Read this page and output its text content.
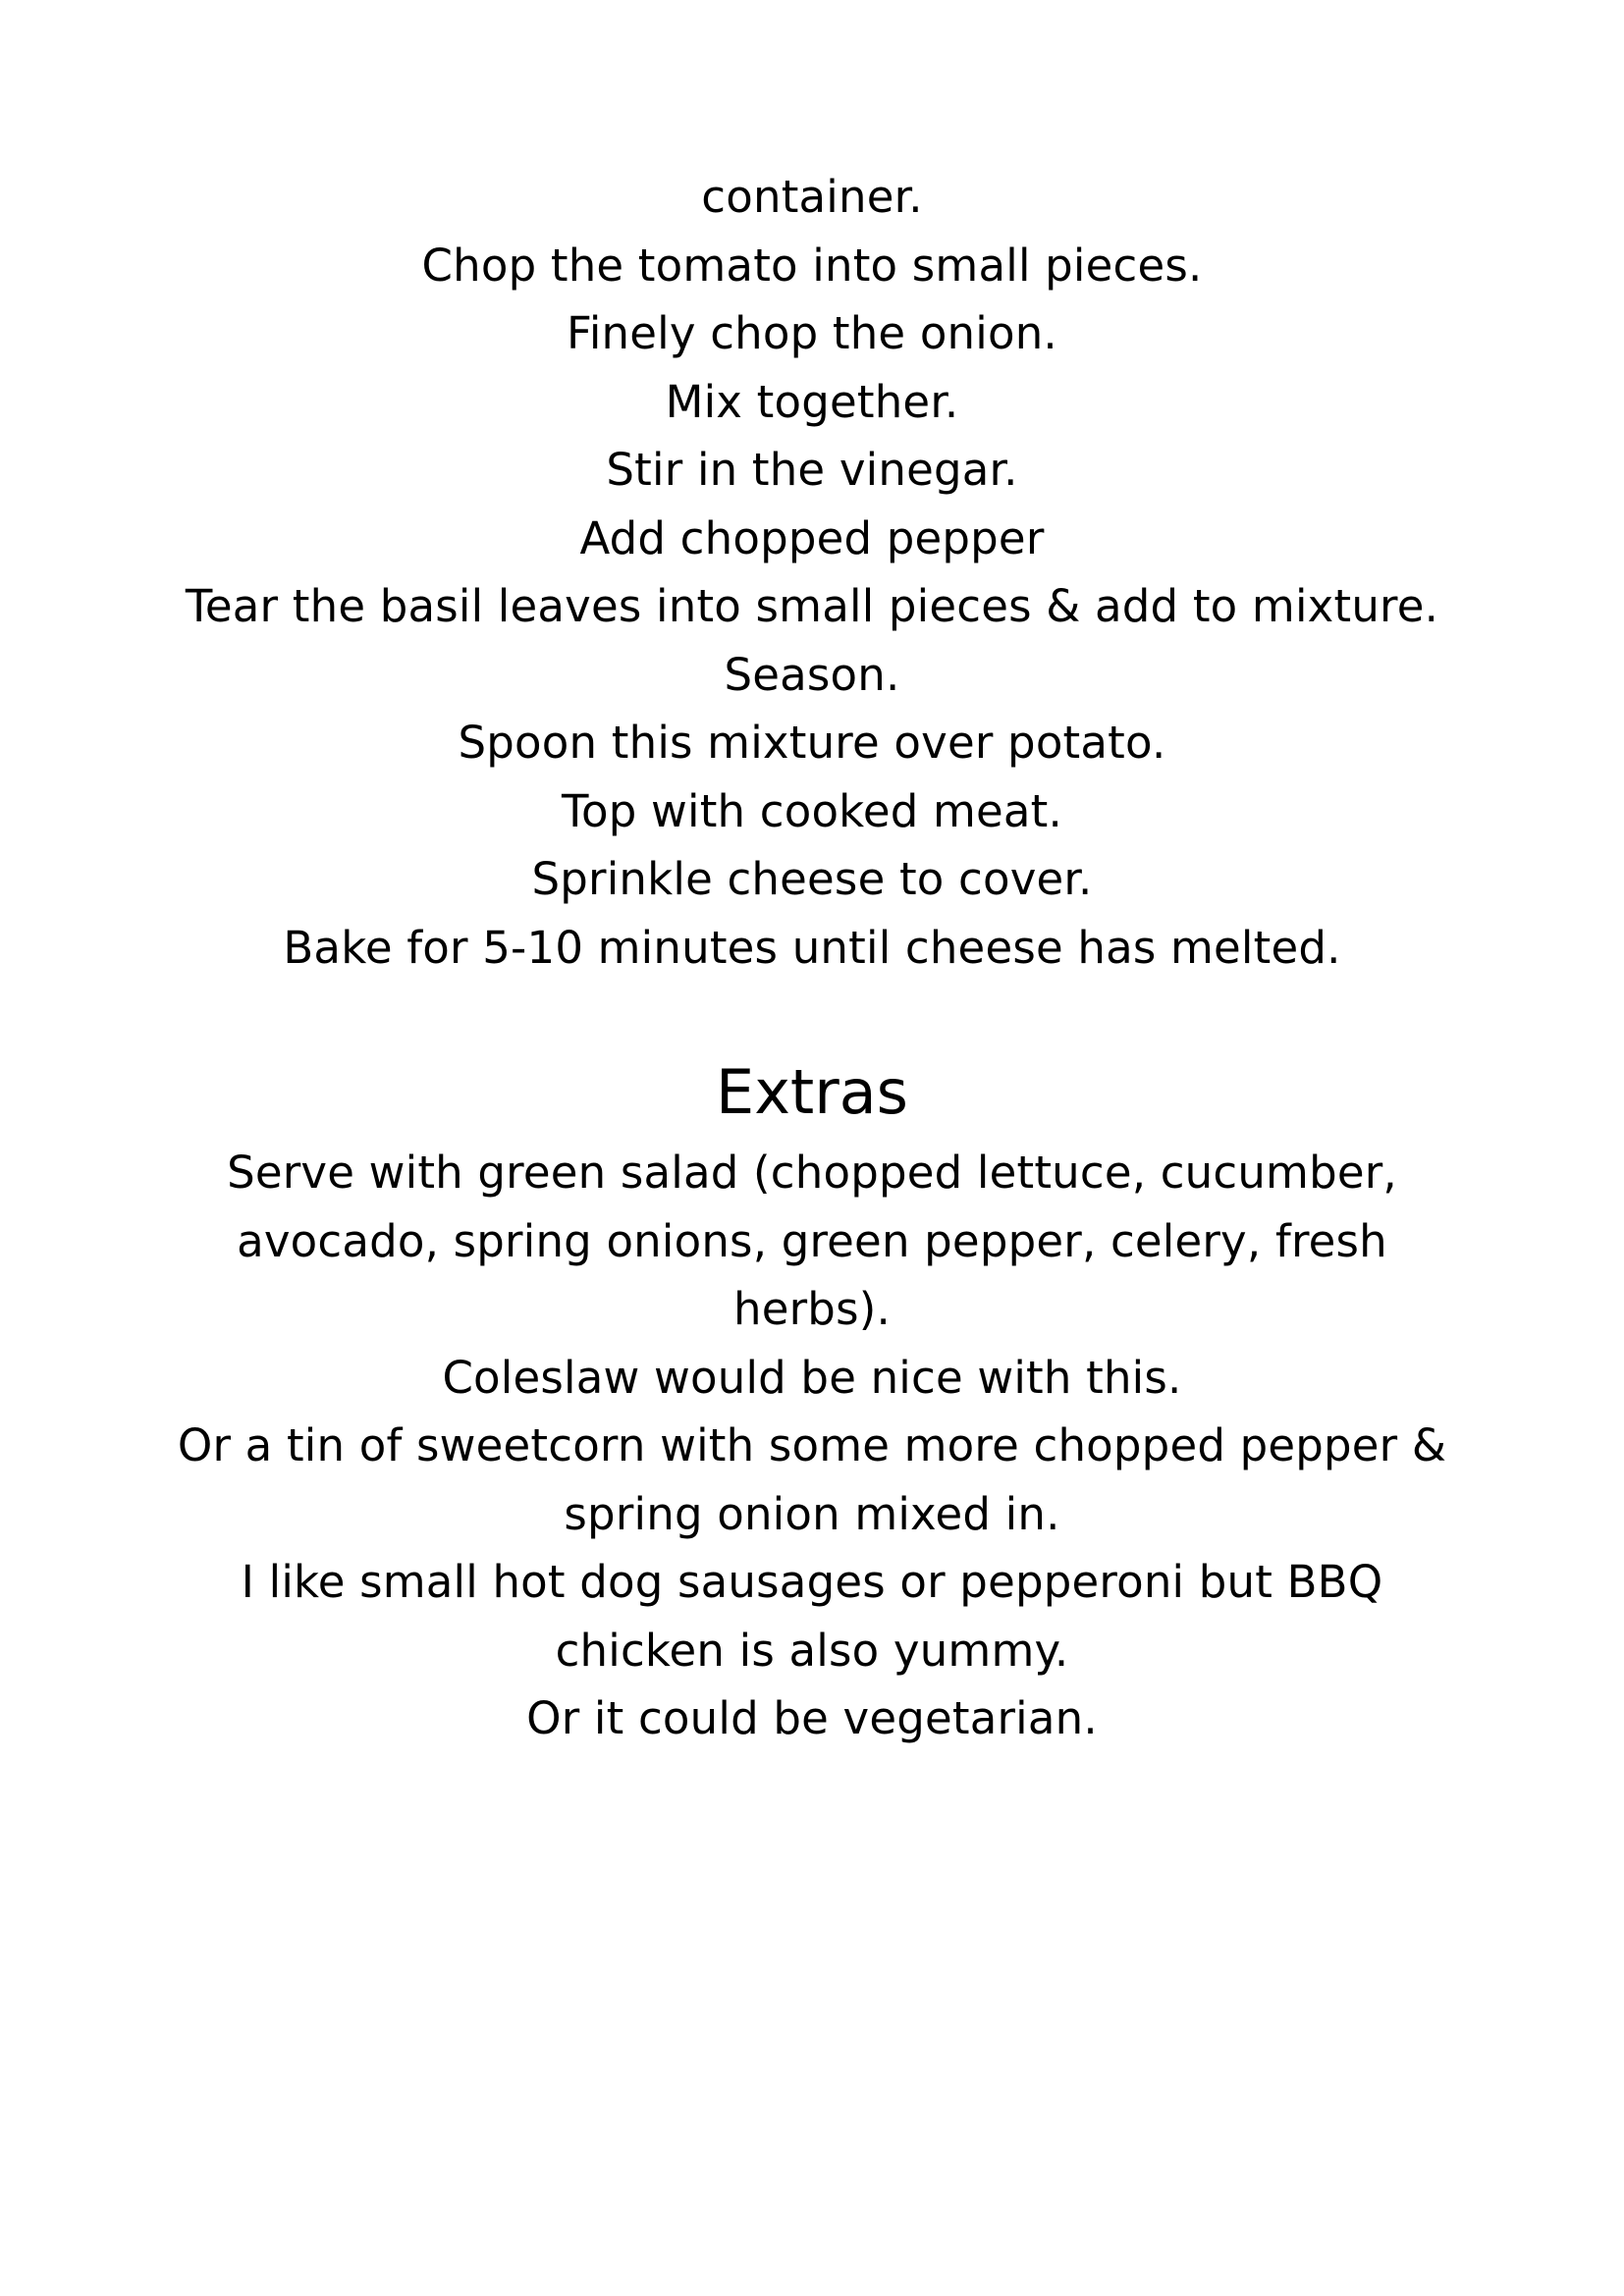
container.
Chop the tomato into small pieces.
Finely chop the onion.
Mix together.
Stir in the vinegar.
Add chopped pepper
Tear the basil leaves into small pieces & add to mixture.
Season.
Spoon this mixture over potato.
Top with cooked meat.
Sprinkle cheese to cover.
Bake for 5-10 minutes until cheese has melted.
Extras
Serve with green salad (chopped lettuce, cucumber,
avocado, spring onions, green pepper, celery, fresh
herbs).
Coleslaw would be nice with this.
Or a tin of sweetcorn with some more chopped pepper &
spring onion mixed in.
I like small hot dog sausages or pepperoni but BBQ
chicken is also yummy.
Or it could be vegetarian.
